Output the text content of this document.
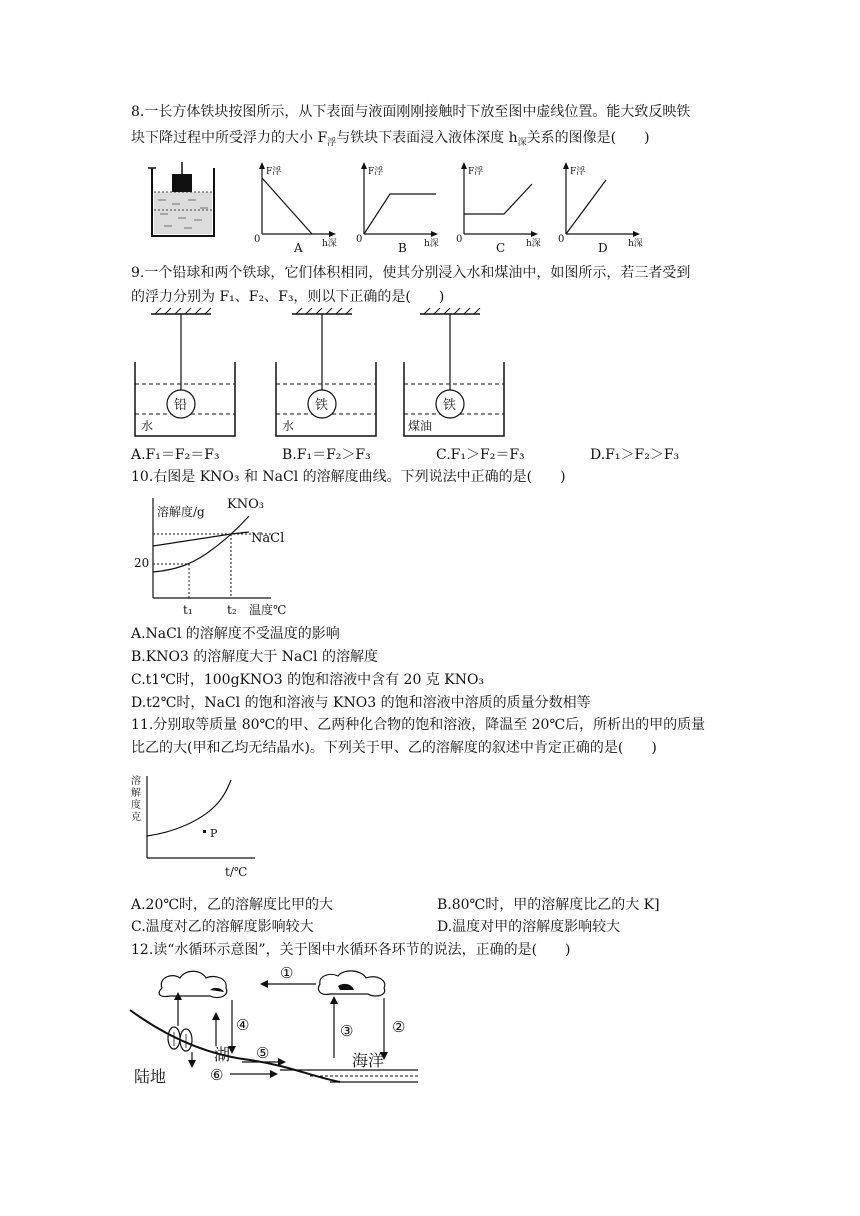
8.一长方体铁块按图所示，从下表面与液面刚刚接触时下放至图中虚线位置。能大致反映铁
块下降过程中所受浮力的大小 $F_浮$与铁块下表面浸入液体深度 $h_深$关系的图像是(　　)
F浮
h深
0
A
F浮
h深
0
B
F浮
h深
0
C
F浮
h深
0
D
9.一个铅球和两个铁球，它们体积相同，使其分别浸入水和煤油中，如图所示，若三者受到
的浮力分别为 F₁、F₂、F₃，则以下正确的是(　　)
铅
水
铁
水
铁
煤油
A.F₁＝F₂＝F₃	B.F₁＝F₂＞F₃	C.F₁＞F₂＝F₃	D.F₁＞F₂＞F₃
10.右图是 KNO₃ 和 NaCl 的溶解度曲线。下列说法中正确的是(　　)
溶解度/g
温度℃
20
t₁	t₂
KNO₃
NaCl
A.NaCl 的溶解度不受温度的影响
B.KNO3 的溶解度大于 NaCl 的溶解度
C.t1℃时，100gKNO3 的饱和溶液中含有 20 克 KNO₃
D.t2℃时，NaCl 的饱和溶液与 KNO3 的饱和溶液中溶质的质量分数相等
11.分别取等质量 80℃的甲、乙两种化合物的饱和溶液，降温至 20℃后，所析出的甲的质量
比乙的大(甲和乙均无结晶水)。下列关于甲、乙的溶解度的叙述中肯定正确的是(　　)
溶
解
度
克
t/℃
P
A.20℃时，乙的溶解度比甲的大	B.80℃时，甲的溶解度比乙的大 K]
C.温度对乙的溶解度影响较大	D.温度对甲的溶解度影响较大
12.读“水循环示意图”，关于图中水循环各环节的说法，正确的是(　　)
①
②
③
④
湖 ⑤
⑥
海洋
陆地
